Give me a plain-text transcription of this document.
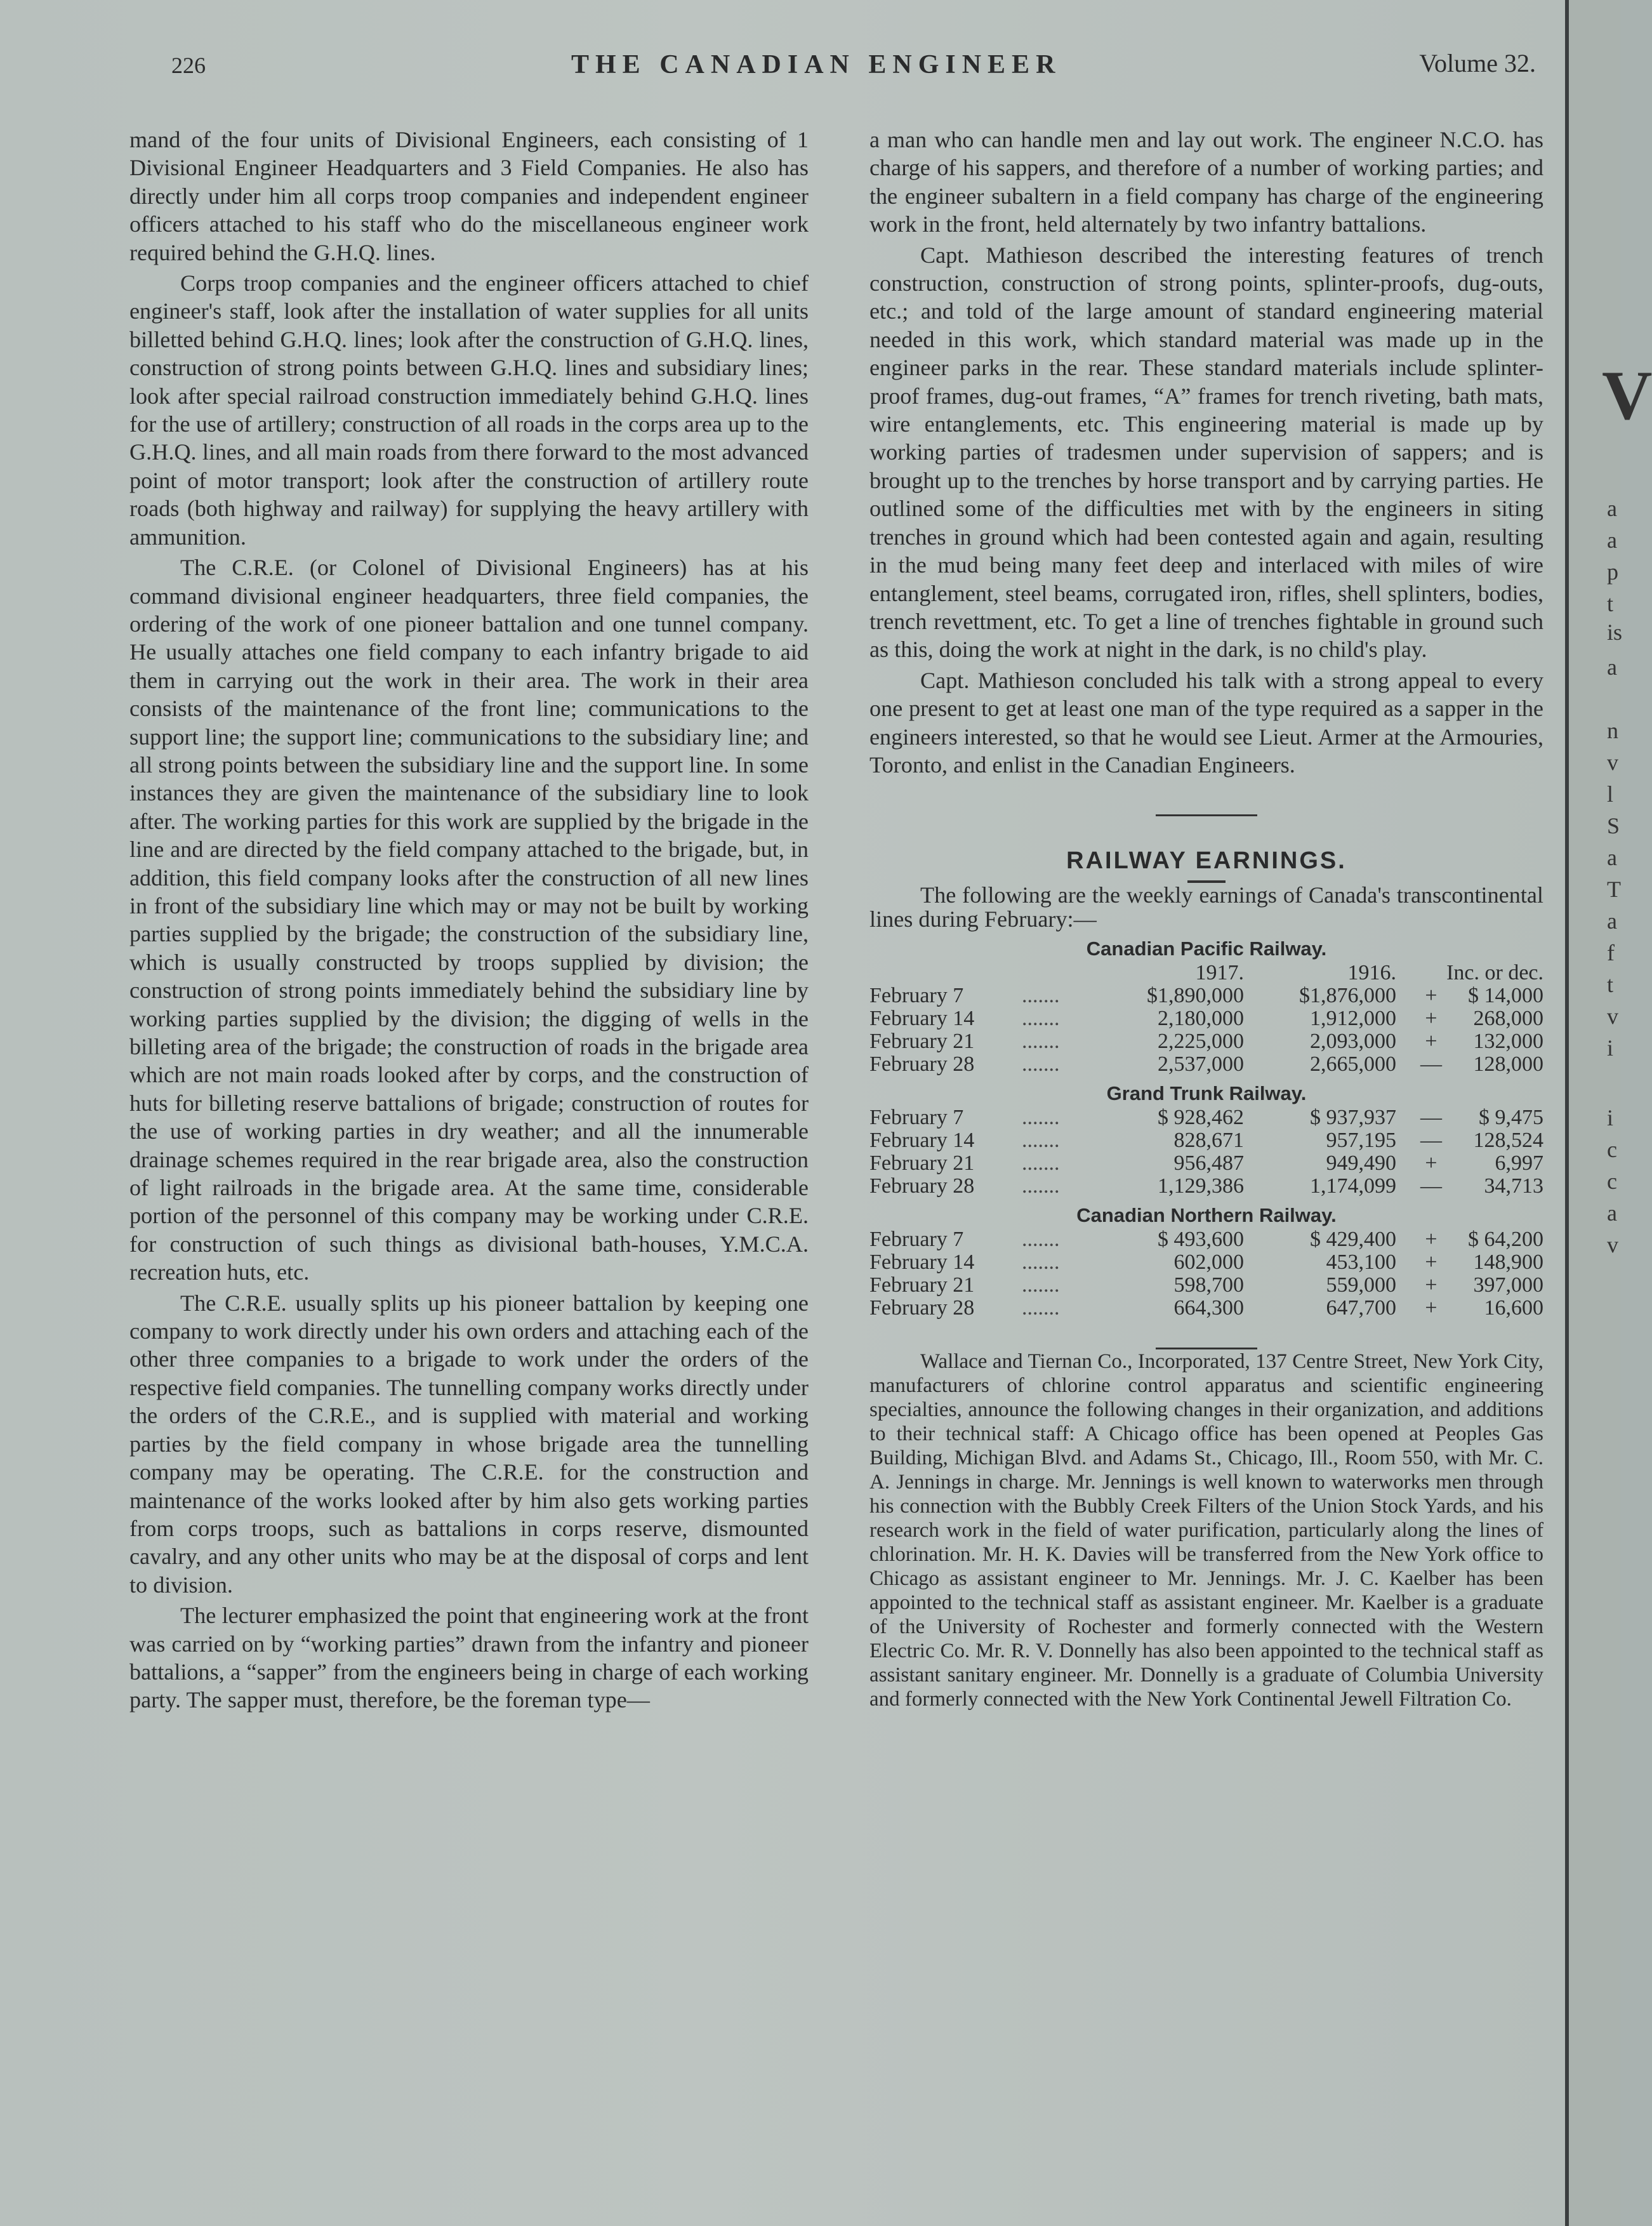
226	THE CANADIAN ENGINEER	Volume 32.

mand of the four units of Divisional Engineers, each consisting of 1 Divisional Engineer Headquarters and 3 Field Companies. He also has directly under him all corps troop companies and independent engineer officers attached to his staff who do the miscellaneous engineer work required behind the G.H.Q. lines.

Corps troop companies and the engineer officers attached to chief engineer's staff, look after the installation of water supplies for all units billetted behind G.H.Q. lines; look after the construction of G.H.Q. lines, construction of strong points between G.H.Q. lines and subsidiary lines; look after special railroad construction immediately behind G.H.Q. lines for the use of artillery; construction of all roads in the corps area up to the G.H.Q. lines, and all main roads from there forward to the most advanced point of motor transport; look after the construction of artillery route roads (both highway and railway) for supplying the heavy artillery with ammunition.

The C.R.E. (or Colonel of Divisional Engineers) has at his command divisional engineer headquarters, three field companies, the ordering of the work of one pioneer battalion and one tunnel company. He usually attaches one field company to each infantry brigade to aid them in carrying out the work in their area. The work in their area consists of the maintenance of the front line; communications to the support line; the support line; communications to the subsidiary line; and all strong points between the subsidiary line and the support line. In some instances they are given the maintenance of the subsidiary line to look after. The working parties for this work are supplied by the brigade in the line and are directed by the field company attached to the brigade, but, in addition, this field company looks after the construction of all new lines in front of the subsidiary line which may or may not be built by working parties supplied by the brigade; the construction of the subsidiary line, which is usually constructed by troops supplied by division; the construction of strong points immediately behind the subsidiary line by working parties supplied by the division; the digging of wells in the billeting area of the brigade; the construction of roads in the brigade area which are not main roads looked after by corps, and the construction of huts for billeting reserve battalions of brigade; construction of routes for the use of working parties in dry weather; and all the innumerable drainage schemes required in the rear brigade area, also the construction of light railroads in the brigade area. At the same time, considerable portion of the personnel of this company may be working under C.R.E. for construction of such things as divisional bath-houses, Y.M.C.A. recreation huts, etc.

The C.R.E. usually splits up his pioneer battalion by keeping one company to work directly under his own orders and attaching each of the other three companies to a brigade to work under the orders of the respective field companies. The tunnelling company works directly under the orders of the C.R.E., and is supplied with material and working parties by the field company in whose brigade area the tunnelling company may be operating. The C.R.E. for the construction and maintenance of the works looked after by him also gets working parties from corps troops, such as battalions in corps reserve, dismounted cavalry, and any other units who may be at the disposal of corps and lent to division.

The lecturer emphasized the point that engineering work at the front was carried on by “working parties” drawn from the infantry and pioneer battalions, a “sapper” from the engineers being in charge of each working party. The sapper must, therefore, be the foreman type—

a man who can handle men and lay out work. The engineer N.C.O. has charge of his sappers, and therefore of a number of working parties; and the engineer subaltern in a field company has charge of the engineering work in the front, held alternately by two infantry battalions.

Capt. Mathieson described the interesting features of trench construction, construction of strong points, splinter-proofs, dug-outs, etc.; and told of the large amount of standard engineering material needed in this work, which standard material was made up in the engineer parks in the rear. These standard materials include splinter-proof frames, dug-out frames, “A” frames for trench riveting, bath mats, wire entanglements, etc. This engineering material is made up by working parties of tradesmen under supervision of sappers; and is brought up to the trenches by horse transport and by carrying parties. He outlined some of the difficulties met with by the engineers in siting trenches in ground which had been contested again and again, resulting in the mud being many feet deep and interlaced with miles of wire entanglement, steel beams, corrugated iron, rifles, shell splinters, bodies, trench revettment, etc. To get a line of trenches fightable in ground such as this, doing the work at night in the dark, is no child's play.

Capt. Mathieson concluded his talk with a strong appeal to every one present to get at least one man of the type required as a sapper in the engineers interested, so that he would see Lieut. Armer at the Armouries, Toronto, and enlist in the Canadian Engineers.

RAILWAY EARNINGS.

The following are the weekly earnings of Canada's transcontinental lines during February:—

Canadian Pacific Railway.
		1917.	1916.	Inc. or dec.	
February 7	.......	$1,890,000	$1,876,000	+	$ 14,000
February 14	.......	2,180,000	1,912,000	+	268,000
February 21	.......	2,225,000	2,093,000	+	132,000
February 28	.......	2,537,000	2,665,000	—	128,000
Grand Trunk Railway.
February 7	.......	$ 928,462	$ 937,937	—	$ 9,475
February 14	.......	828,671	957,195	—	128,524
February 21	.......	956,487	949,490	+	6,997
February 28	.......	1,129,386	1,174,099	—	34,713
Canadian Northern Railway.
February 7	.......	$ 493,600	$ 429,400	+	$ 64,200
February 14	.......	602,000	453,100	+	148,900
February 21	.......	598,700	559,000	+	397,000
February 28	.......	664,300	647,700	+	16,600

Wallace and Tiernan Co., Incorporated, 137 Centre Street, New York City, manufacturers of chlorine control apparatus and scientific engineering specialties, announce the following changes in their organization, and additions to their technical staff: A Chicago office has been opened at Peoples Gas Building, Michigan Blvd. and Adams St., Chicago, Ill., Room 550, with Mr. C. A. Jennings in charge. Mr. Jennings is well known to waterworks men through his connection with the Bubbly Creek Filters of the Union Stock Yards, and his research work in the field of water purification, particularly along the lines of chlorination. Mr. H. K. Davies will be transferred from the New York office to Chicago as assistant engineer to Mr. Jennings. Mr. J. C. Kaelber has been appointed to the technical staff as assistant engineer. Mr. Kaelber is a graduate of the University of Rochester and formerly connected with the Western Electric Co. Mr. R. V. Donnelly has also been appointed to the technical staff as assistant sanitary engineer. Mr. Donnelly is a graduate of Columbia University and formerly connected with the New York Continental Jewell Filtration Co.

V
a
a
p
t
is
a
n
v
l
S
a
T
a
f
t
v
i
i
c
c
a
v
